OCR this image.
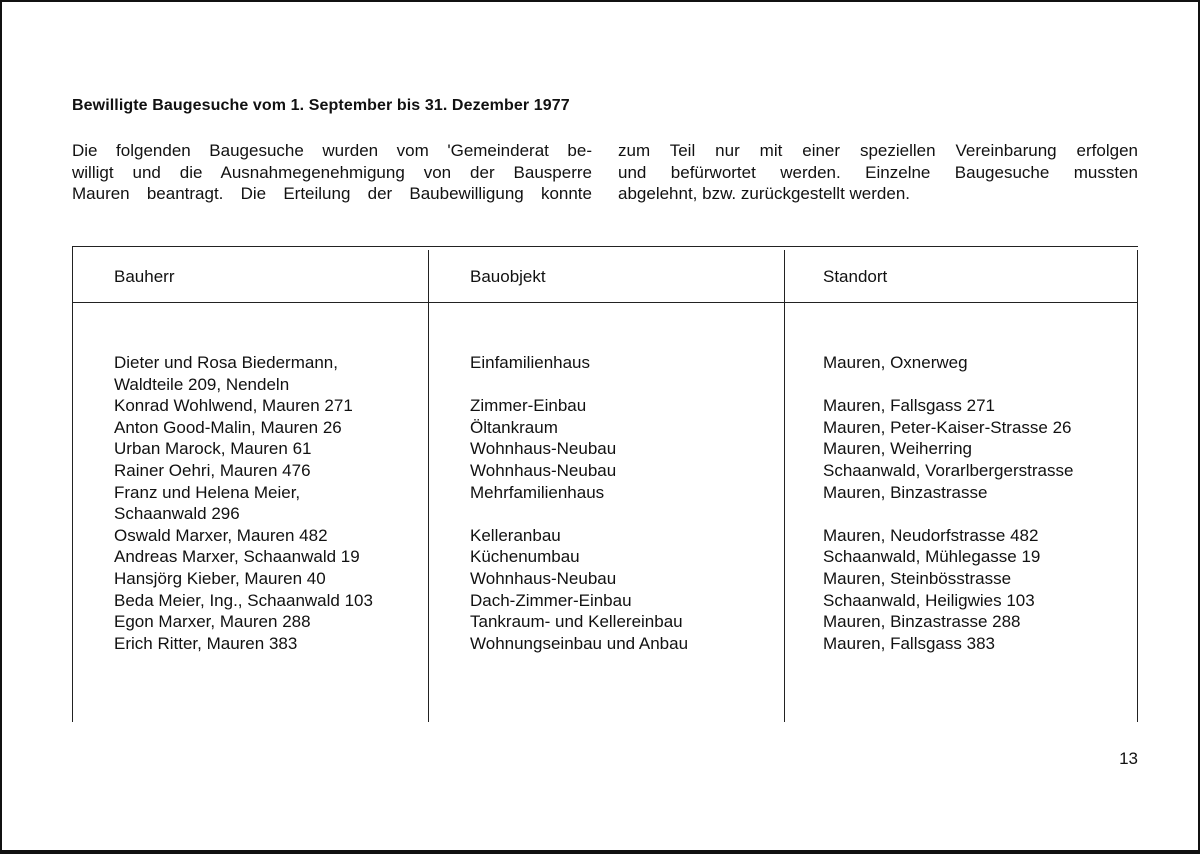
Bewilligte Baugesuche vom 1. September bis 31. Dezember 1977
Die folgenden Baugesuche wurden vom 'Gemeinderat be-
willigt und die Ausnahmegenehmigung von der Bausperre
Mauren beantragt. Die Erteilung der Baubewilligung konnte
zum Teil nur mit einer speziellen Vereinbarung erfolgen
und befürwortet werden. Einzelne Baugesuche mussten
abgelehnt, bzw. zurückgestellt werden.
Bauherr	Bauobjekt	Standort
Dieter und Rosa Biedermann,
Waldteile 209, Nendeln
Konrad Wohlwend, Mauren 271
Anton Good-Malin, Mauren 26
Urban Marock, Mauren 61
Rainer Oehri, Mauren 476
Franz und Helena Meier,
Schaanwald 296
Oswald Marxer, Mauren 482
Andreas Marxer, Schaanwald 19
Hansjörg Kieber, Mauren 40
Beda Meier, Ing., Schaanwald 103
Egon Marxer, Mauren 288
Erich Ritter, Mauren 383
Einfamilienhaus
Zimmer-Einbau
Öltankraum
Wohnhaus-Neubau
Wohnhaus-Neubau
Mehrfamilienhaus
Kelleranbau
Küchenumbau
Wohnhaus-Neubau
Dach-Zimmer-Einbau
Tankraum- und Kellereinbau
Wohnungseinbau und Anbau
Mauren, Oxnerweg
Mauren, Fallsgass 271
Mauren, Peter-Kaiser-Strasse 26
Mauren, Weiherring
Schaanwald, Vorarlbergerstrasse
Mauren, Binzastrasse
Mauren, Neudorfstrasse 482
Schaanwald, Mühlegasse 19
Mauren, Steinbösstrasse
Schaanwald, Heiligwies 103
Mauren, Binzastrasse 288
Mauren, Fallsgass 383
13
